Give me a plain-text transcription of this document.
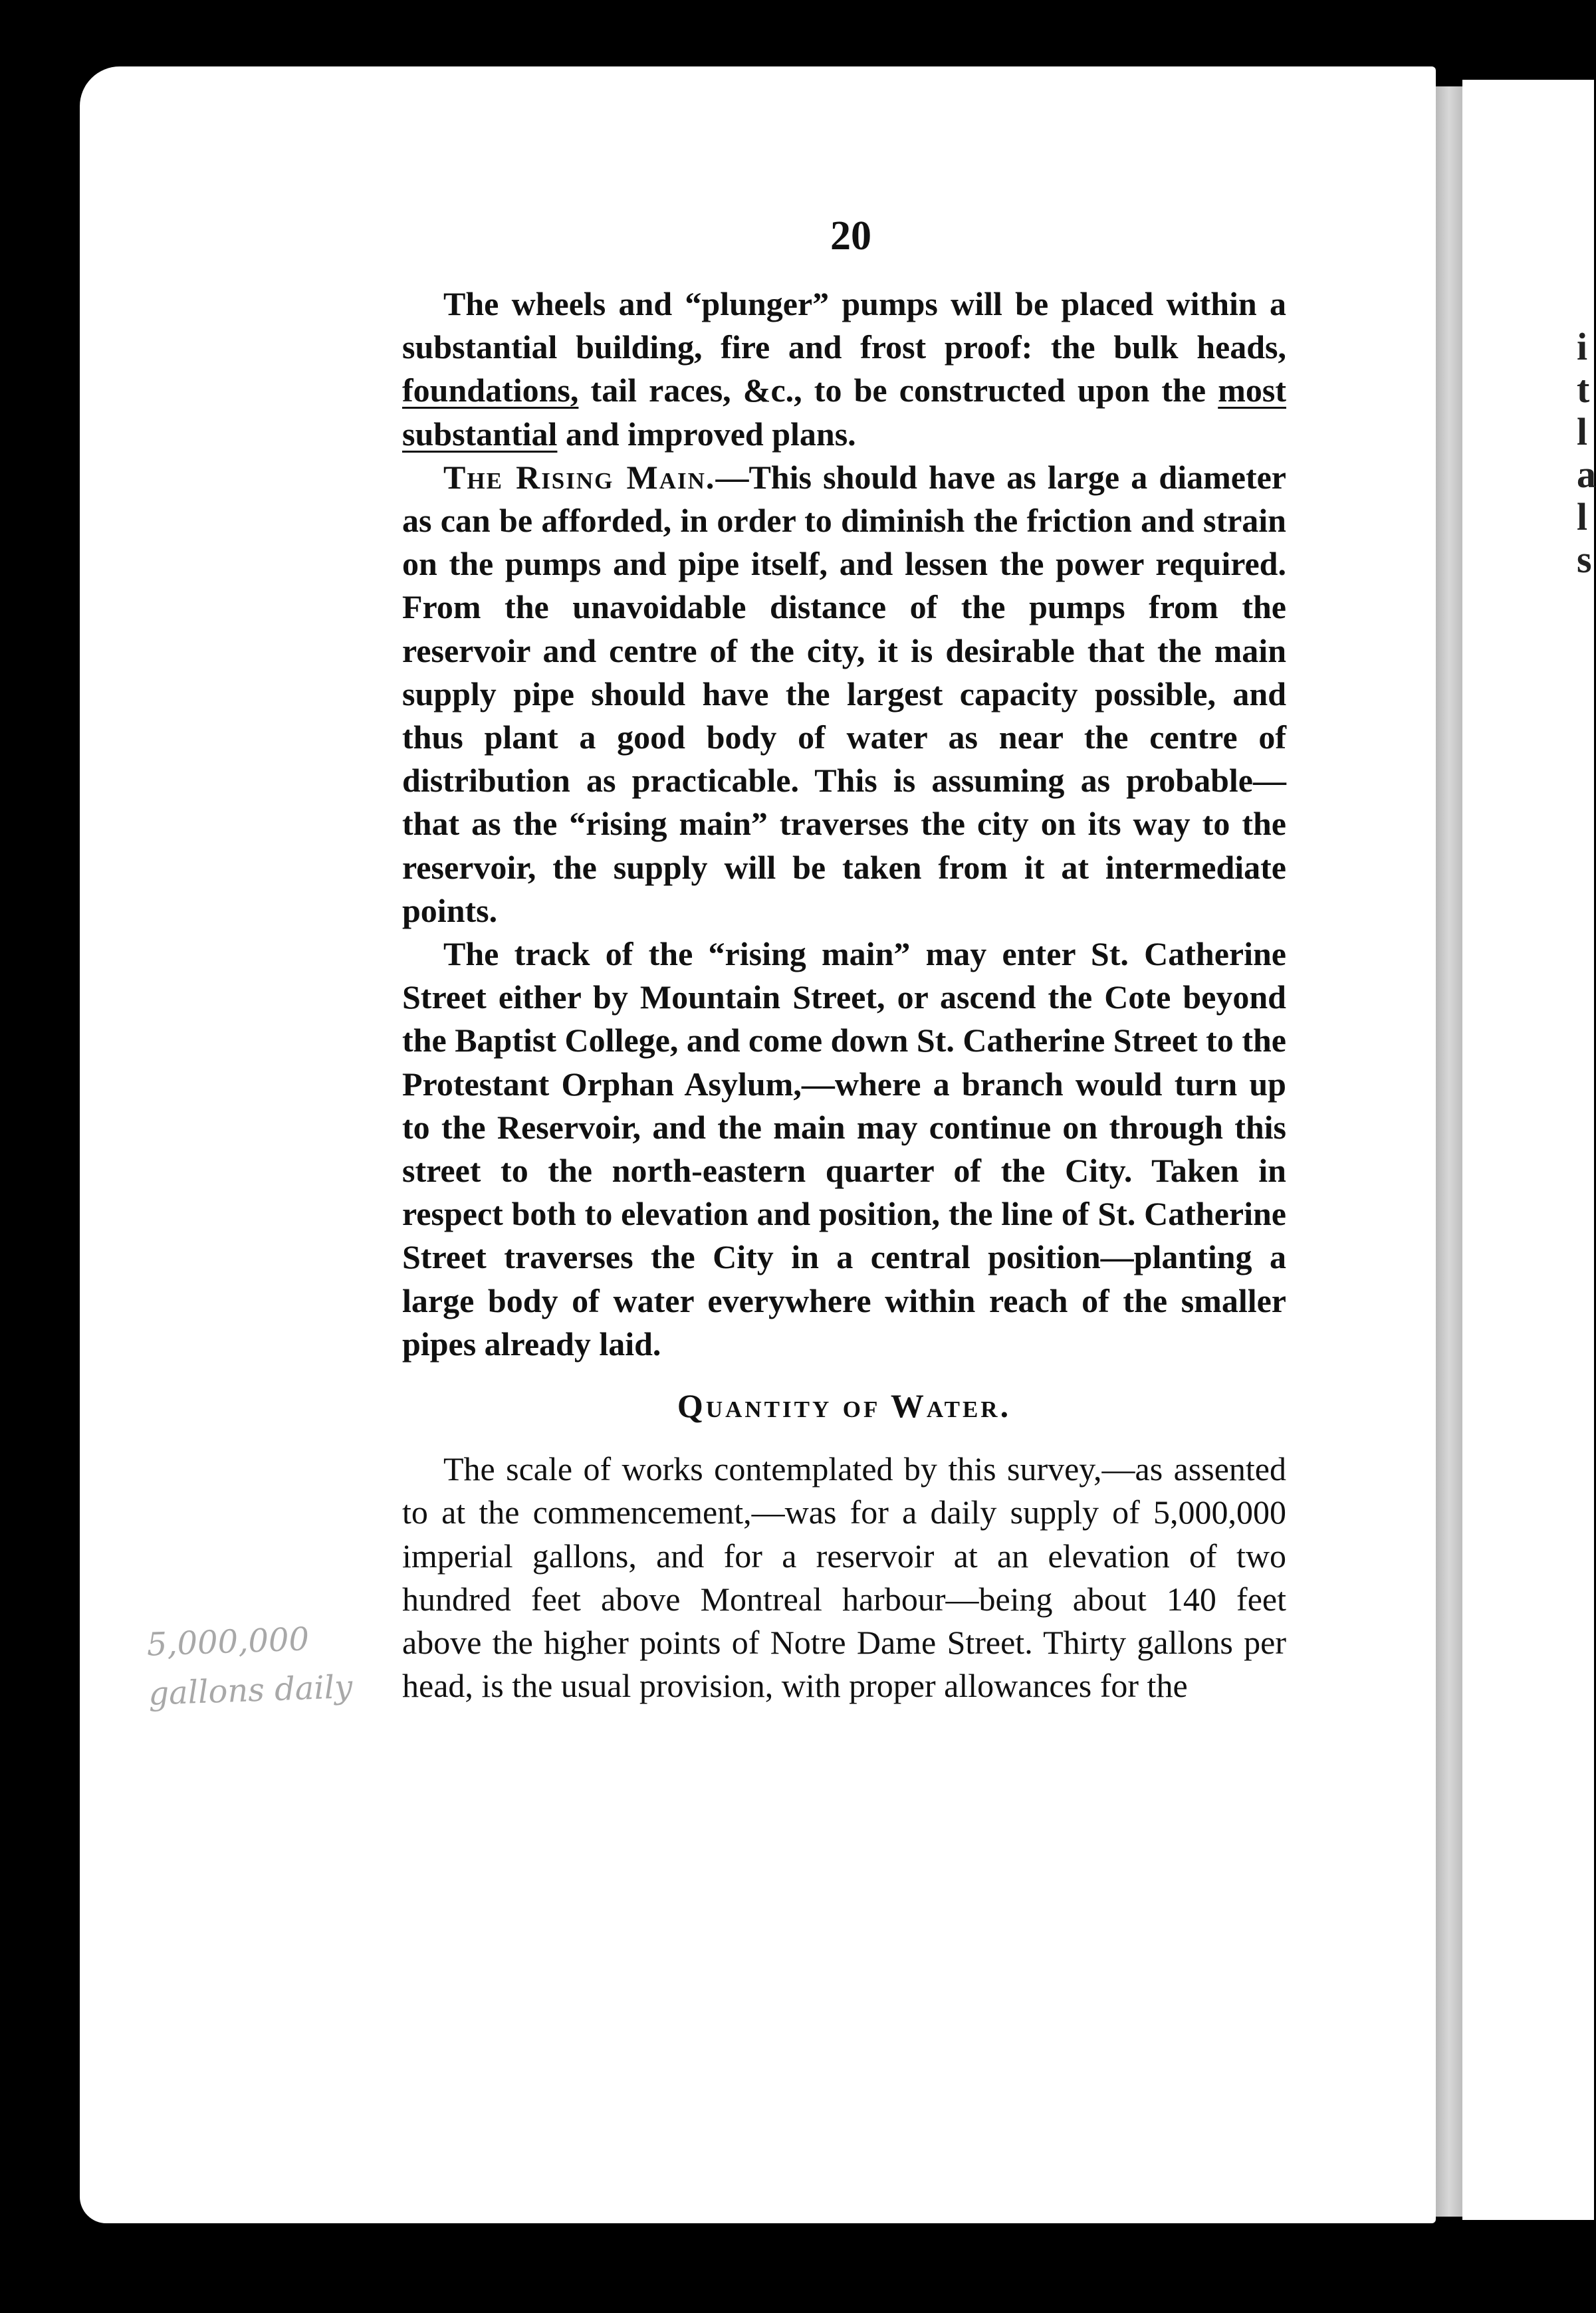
i t l a l s
20

The wheels and “plunger” pumps will be placed within a substantial building, fire and frost proof: the bulk heads, foundations, tail races, &c., to be constructed upon the most substantial and improved plans.

The Rising Main.—This should have as large a diameter as can be afforded, in order to diminish the friction and strain on the pumps and pipe itself, and lessen the power required. From the unavoidable distance of the pumps from the reservoir and centre of the city, it is desirable that the main supply pipe should have the largest capacity possible, and thus plant a good body of water as near the centre of distribution as practicable. This is assuming as probable—that as the “rising main” traverses the city on its way to the reservoir, the supply will be taken from it at intermediate points.

The track of the “rising main” may enter St. Catherine Street either by Mountain Street, or ascend the Cote beyond the Baptist College, and come down St. Catherine Street to the Protestant Orphan Asylum,—where a branch would turn up to the Reservoir, and the main may continue on through this street to the north-eastern quarter of the City. Taken in respect both to elevation and position, the line of St. Catherine Street traverses the City in a central position—planting a large body of water everywhere within reach of the smaller pipes already laid.

Quantity of Water.

The scale of works contemplated by this survey,—as assented to at the commencement,—was for a daily supply of 5,000,000 imperial gallons, and for a reservoir at an elevation of two hundred feet above Montreal harbour—being about 140 feet above the higher points of Notre Dame Street. Thirty gallons per head, is the usual provision, with proper allowances for the

5,000,000
gallons daily
